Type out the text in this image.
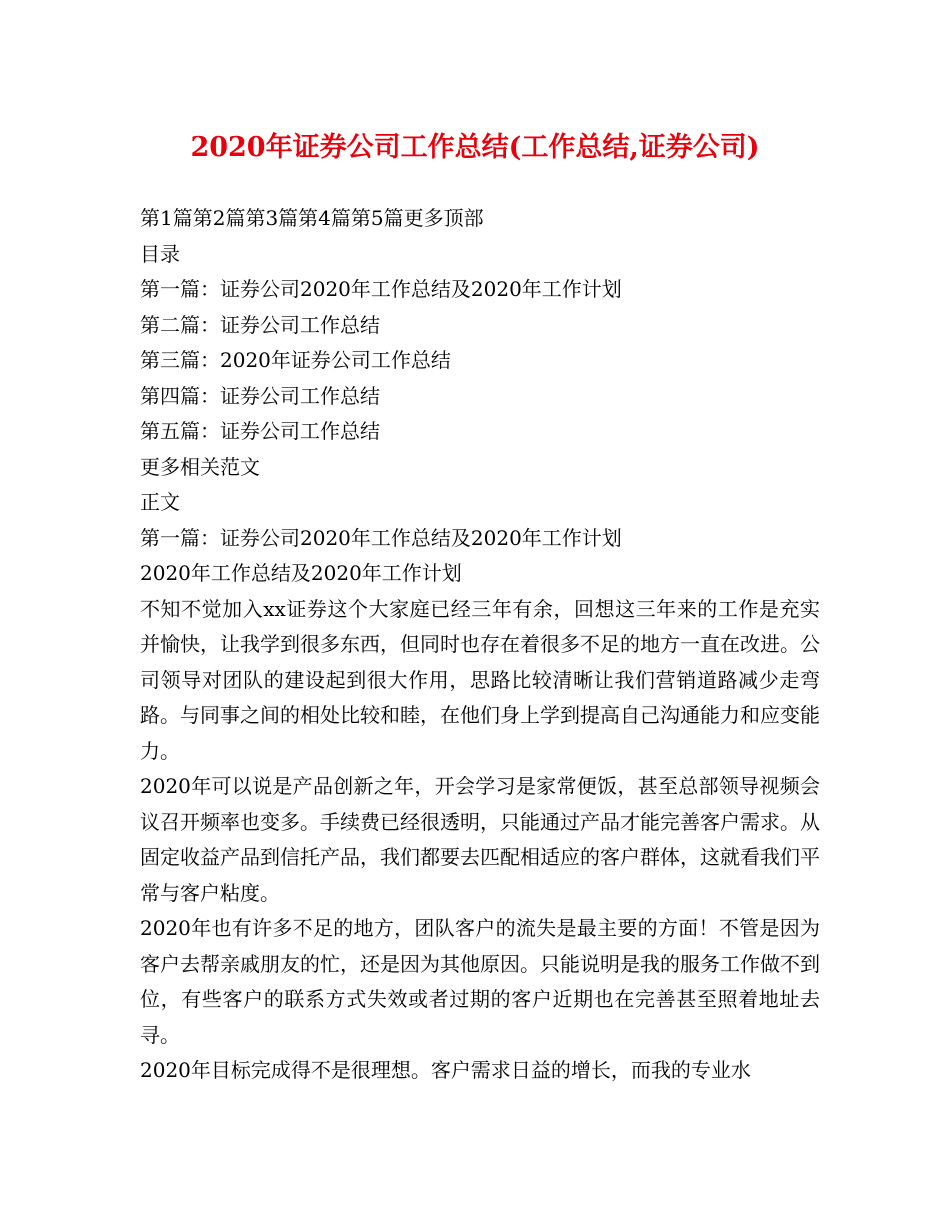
2020年证券公司工作总结(工作总结,证券公司)
第1篇第2篇第3篇第4篇第5篇更多顶部
目录
第一篇：证券公司2020年工作总结及2020年工作计划
第二篇：证券公司工作总结
第三篇：2020年证券公司工作总结
第四篇：证券公司工作总结
第五篇：证券公司工作总结
更多相关范文
正文
第一篇：证券公司2020年工作总结及2020年工作计划
2020年工作总结及2020年工作计划
不知不觉加入xx证券这个大家庭已经三年有余，回想这三年来的工作是充实并愉快，让我学到很多东西，但同时也存在着很多不足的地方一直在改进。公司领导对团队的建设起到很大作用，思路比较清晰让我们营销道路减少走弯路。与同事之间的相处比较和睦，在他们身上学到提高自己沟通能力和应变能力。
2020年可以说是产品创新之年，开会学习是家常便饭，甚至总部领导视频会议召开频率也变多。手续费已经很透明，只能通过产品才能完善客户需求。从固定收益产品到信托产品，我们都要去匹配相适应的客户群体，这就看我们平常与客户粘度。
2020年也有许多不足的地方，团队客户的流失是最主要的方面！不管是因为客户去帮亲戚朋友的忙，还是因为其他原因。只能说明是我的服务工作做不到位，有些客户的联系方式失效或者过期的客户近期也在完善甚至照着地址去寻。
2020年目标完成得不是很理想。客户需求日益的增长，而我的专业水
